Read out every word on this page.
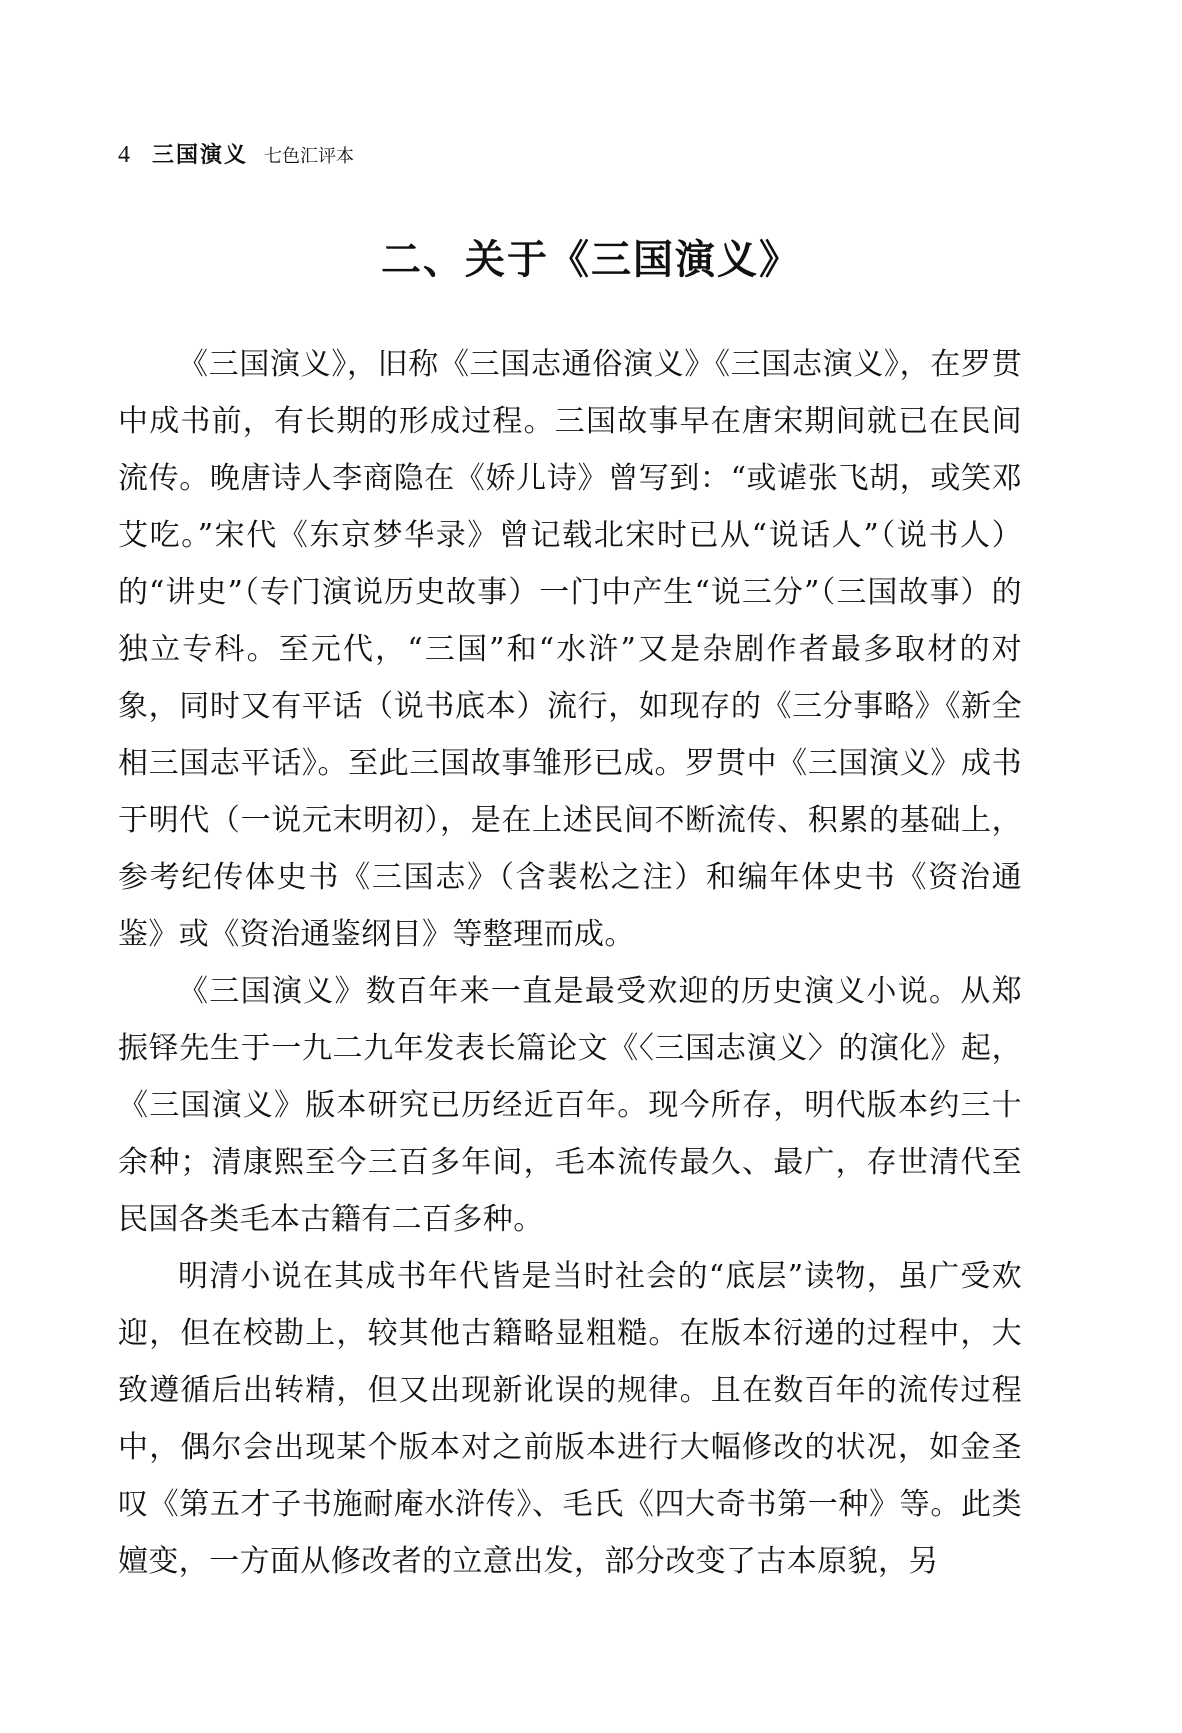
4 三国演义 七色汇评本
二、关于《三国演义》

《三国演义》，旧称《三国志通俗演义》《三国志演义》，在罗贯中成书前，有长期的形成过程。三国故事早在唐宋期间就已在民间流传。晚唐诗人李商隐在《娇儿诗》曾写到：“或谑张飞胡，或笑邓艾吃。”宋代《东京梦华录》曾记载北宋时已从“说话人”（说书人）的“讲史”（专门演说历史故事）一门中产生“说三分”（三国故事）的独立专科。至元代，“三国”和“水浒”又是杂剧作者最多取材的对象，同时又有平话（说书底本）流行，如现存的《三分事略》《新全相三国志平话》。至此三国故事雏形已成。罗贯中《三国演义》成书于明代（一说元末明初），是在上述民间不断流传、积累的基础上，参考纪传体史书《三国志》（含裴松之注）和编年体史书《资治通鉴》或《资治通鉴纲目》等整理而成。

《三国演义》数百年来一直是最受欢迎的历史演义小说。从郑振铎先生于一九二九年发表长篇论文《〈三国志演义〉的演化》起，《三国演义》版本研究已历经近百年。现今所存，明代版本约三十余种；清康熙至今三百多年间，毛本流传最久、最广，存世清代至民国各类毛本古籍有二百多种。

明清小说在其成书年代皆是当时社会的“底层”读物，虽广受欢迎，但在校勘上，较其他古籍略显粗糙。在版本衍递的过程中，大致遵循后出转精，但又出现新讹误的规律。且在数百年的流传过程中，偶尔会出现某个版本对之前版本进行大幅修改的状况，如金圣叹《第五才子书施耐庵水浒传》、毛氏《四大奇书第一种》等。此类嬗变，一方面从修改者的立意出发，部分改变了古本原貌，另
